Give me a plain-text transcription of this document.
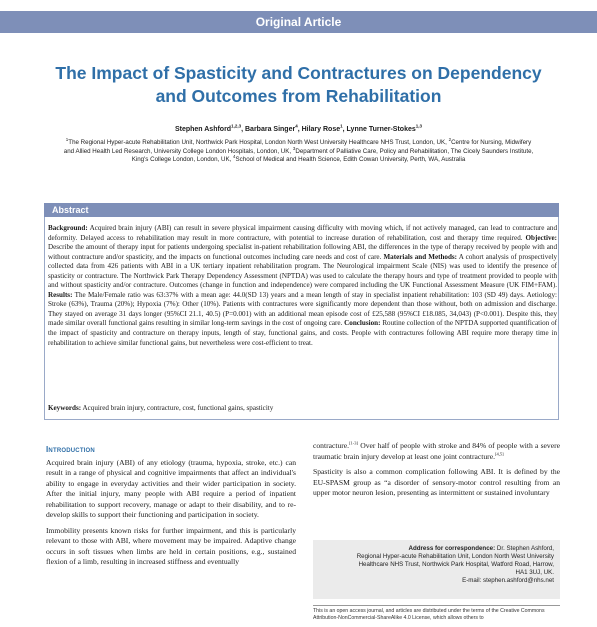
Original Article
The Impact of Spasticity and Contractures on Dependency and Outcomes from Rehabilitation
Stephen Ashford$^{1,2,3}$, Barbara Singer$^4$, Hilary Rose$^1$, Lynne Turner-Stokes$^{1,3}$
$^1$The Regional Hyper-acute Rehabilitation Unit, Northwick Park Hospital, London North West University Healthcare NHS Trust, London, UK, $^2$Centre for Nursing, Midwifery and Allied Health Led Research, University College London Hospitals, London, UK, $^3$Department of Palliative Care, Policy and Rehabilitation, The Cicely Saunders Institute, King's College London, London, UK, $^4$School of Medical and Health Science, Edith Cowan University, Perth, WA, Australia
Abstract
Background: Acquired brain injury (ABI) can result in severe physical impairment causing difficulty with moving which, if not actively managed, can lead to contracture and deformity. Delayed access to rehabilitation may result in more contracture, with potential to increase duration of rehabilitation, cost and therapy time required. Objective: Describe the amount of therapy input for patients undergoing specialist in-patient rehabilitation following ABI, the differences in the type of therapy received by people with and without contracture and/or spasticity, and the impacts on functional outcomes including care needs and cost of care. Materials and Methods: A cohort analysis of prospectively collected data from 426 patients with ABI in a UK tertiary inpatient rehabilitation program. The Neurological impairment Scale (NIS) was used to identify the presence of spasticity or contracture. The Northwick Park Therapy Dependency Assessment (NPTDA) was used to calculate the therapy hours and type of treatment provided to people with and without spasticity and/or contracture. Outcomes (change in function and independence) were compared including the UK Functional Assessment Measure (UK FIM+FAM). Results: The Male/Female ratio was 63:37% with a mean age: 44.0(SD 13) years and a mean length of stay in specialist inpatient rehabilitation: 103 (SD 49) days. Aetiology: Stroke (63%), Trauma (20%); Hypoxia (7%): Other (10%). Patients with contractures were significantly more dependent than those without, both on admission and discharge. They stayed on average 31 days longer (95%CI 21.1, 40.5) (P=0.001) with an additional mean episode cost of £25,588 (95%CI £18.085, 34,043) (P<0.001). Despite this, they made similar overall functional gains resulting in similar long-term savings in the cost of ongoing care. Conclusion: Routine collection of the NPTDA supported quantification of the impact of spasticity and contracture on therapy inputs, length of stay, functional gains, and costs. People with contractures following ABI require more therapy time in rehabilitation to achieve similar functional gains, but nevertheless were cost-efficient to treat.
Keywords: Acquired brain injury, contracture, cost, functional gains, spasticity
Introduction

Acquired brain injury (ABI) of any etiology (trauma, hypoxia, stroke, etc.) can result in a range of physical and cognitive impairments that affect an individual's ability to engage in everyday activities and their wider participation in society. After the initial injury, many people with ABI require a period of inpatient rehabilitation to support recovery, manage or adapt to their disability, and to re-develop skills to support their functioning and participation in society.

Immobility presents known risks for further impairment, and this is particularly relevant to those with ABI, where movement may be impaired. Adaptive change occurs in soft tissues when limbs are held in certain positions, e.g., sustained flexion of a limb, resulting in increased stiffness and eventually

contracture.[1-3] Over half of people with stroke and 84% of people with a severe traumatic brain injury develop at least one joint contracture.[4,5]

Spasticity is also a common complication following ABI. It is defined by the EU-SPASM group as “a disorder of sensory-motor control resulting from an upper motor neuron lesion, presenting as intermittent or sustained involuntary

Address for correspondence: Dr. Stephen Ashford,
Regional Hyper-acute Rehabilitation Unit, London North West University
Healthcare NHS Trust, Northwick Park Hospital, Watford Road, Harrow,
HA1 3UJ, UK.
E-mail: stephen.ashford@nhs.net
This is an open access journal, and articles are distributed under the terms of the Creative Commons Attribution-NonCommercial-ShareAlike 4.0 License, which allows others to
